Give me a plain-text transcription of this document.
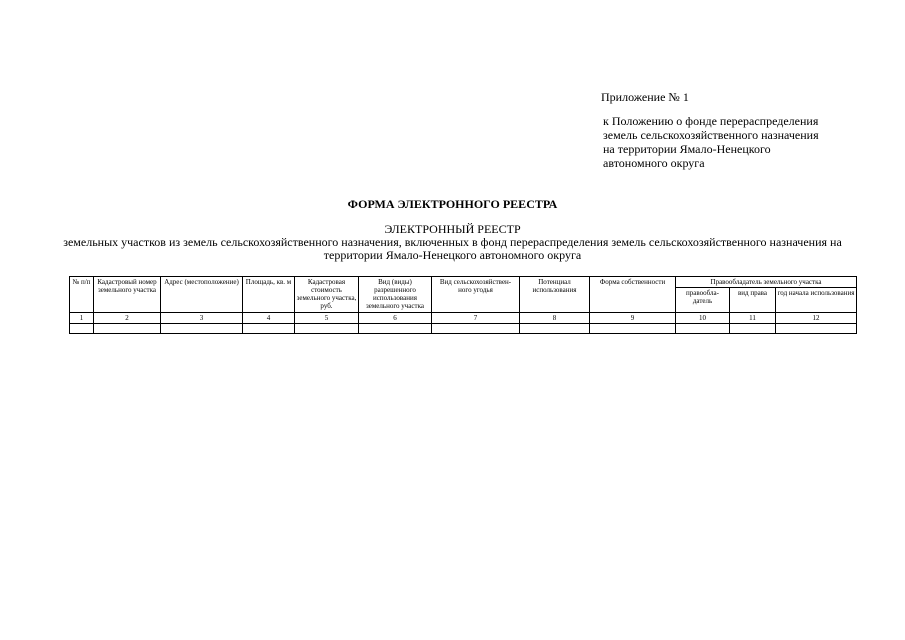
Приложение № 1
к Положению о фонде перераспределения
земель сельскохозяйственного назначения
на территории Ямало-Ненецкого
автономного округа
ФОРМА ЭЛЕКТРОННОГО РЕЕСТРА
ЭЛЕКТРОННЫЙ РЕЕСТР
земельных участков из земель сельскохозяйственного назначения, включенных в фонд перераспределения земель сельскохозяйственного назначения на территории Ямало-Ненецкого автономного округа
№ п/п	Кадастровый номер земельного участка	Адрес (местоположение)	Площадь, кв. м	Кадастровая стоимость земельного участка, руб.	Вид (виды) разрешенного использования земельного участка	Вид сельскохозяйствен- ного угодья	Потенциал использования	Форма собственности	Правообладатель земельного участка		
									правообла- датель	вид права	год начала использования
1	2	3	4	5	6	7	8	9	10	11	12
